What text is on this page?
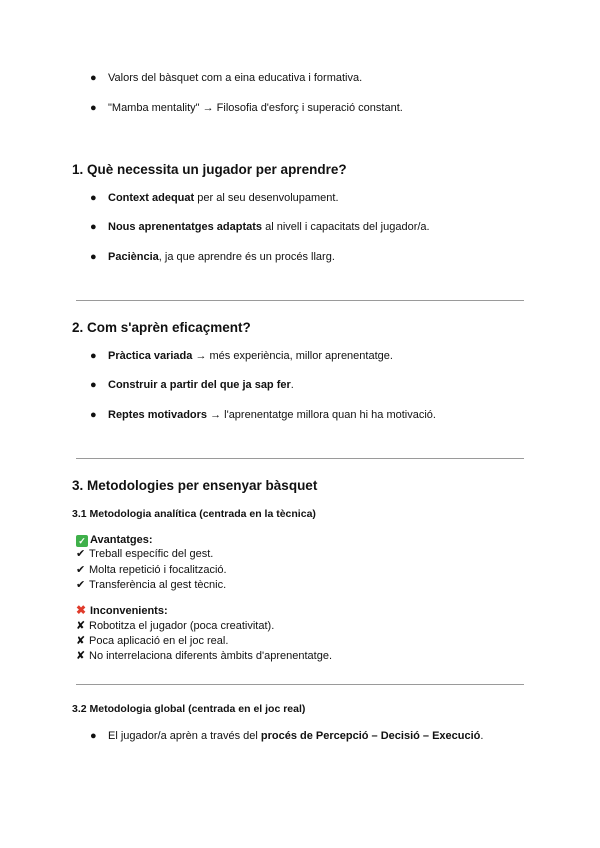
● Valors del bàsquet com a eina educativa i formativa.
● "Mamba mentality" → Filosofia d'esforç i superació constant.
1. Què necessita un jugador per aprendre?
● Context adequat per al seu desenvolupament.
● Nous aprenentatges adaptats al nivell i capacitats del jugador/a.
● Paciència, ja que aprendre és un procés llarg.
2. Com s'aprèn eficaçment?
● Pràctica variada → més experiència, millor aprenentatge.
● Construir a partir del que ja sap fer.
● Reptes motivadors → l'aprenentatge millora quan hi ha motivació.
3. Metodologies per ensenyar bàsquet
3.1 Metodologia analítica (centrada en la tècnica)
✓ Avantatges:
✔ Treball específic del gest.
✔ Molta repetició i focalització.
✔ Transferència al gest tècnic.
✖ Inconvenients:
✘ Robotitza el jugador (poca creativitat).
✘ Poca aplicació en el joc real.
✘ No interrelaciona diferents àmbits d'aprenentatge.
3.2 Metodologia global (centrada en el joc real)
● El jugador/a aprèn a través del procés de Percepció – Decisió – Execució.
